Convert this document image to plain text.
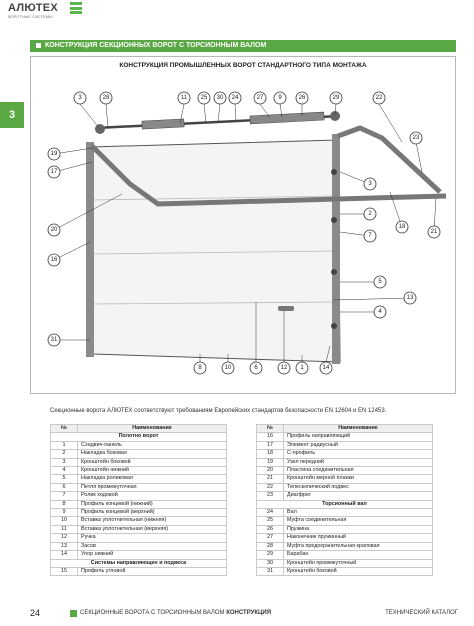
АЛЮТЕХ
ВОРОТНЫЕ СИСТЕМЫ
КОНСТРУКЦИЯ СЕКЦИОННЫХ ВОРОТ С ТОРСИОННЫМ ВАЛОМ
3
КОНСТРУКЦИЯ ПРОМЫШЛЕННЫХ ВОРОТ СТАНДАРТНОГО ТИПА МОНТАЖА
3	28	11 25 30 24	27 9	26	29	22
19
17
23
3
2
20
7
18
21
16
5
13
4
31
8	10	6	12 1	14
Секционные ворота АЛЮТЕХ соответствуют требованиям Европейских стандартов безопасности EN 12604 и EN 12453.
№	Наименование
Полотно ворот	
1	Сэндвич-панель
2	Накладка боковая
3	Кронштейн боковой
4	Кронштейн нижний
5	Накладка роликовая
6	Петля промежуточная
7	Ролик ходовой
8	Профиль концевой (нижний)
9	Профиль концевой (верхний)
10	Вставка уплотнительная (нижняя)
11	Вставка уплотнительная (верхняя)
12	Ручка
13	Засов
14	Упор нижний
Системы направляющих и подвеса	
15	Профиль угловой
№	Наименование
16	Профиль направляющий
17	Элемент радиусный
18	С-профиль
19	Узел передний
20	Пластина соединительная
21	Кронштейн мерной планки
22	Телескопический подвес
23	Диагфрег
Торсионный вал	
24	Вал
25	Муфта соединительная
26	Пружина
27	Наконечник пружинный
28	Муфта предохранительная краповая
29	Барабан
30	Кронштейн промежуточный
31	Кронштейн боковой
24	СЕКЦИОННЫЕ ВОРОТА С ТОРСИОННЫМ ВАЛОМ КОНСТРУКЦИЯ	ТЕХНИЧЕСКИЙ КАТАЛОГ
